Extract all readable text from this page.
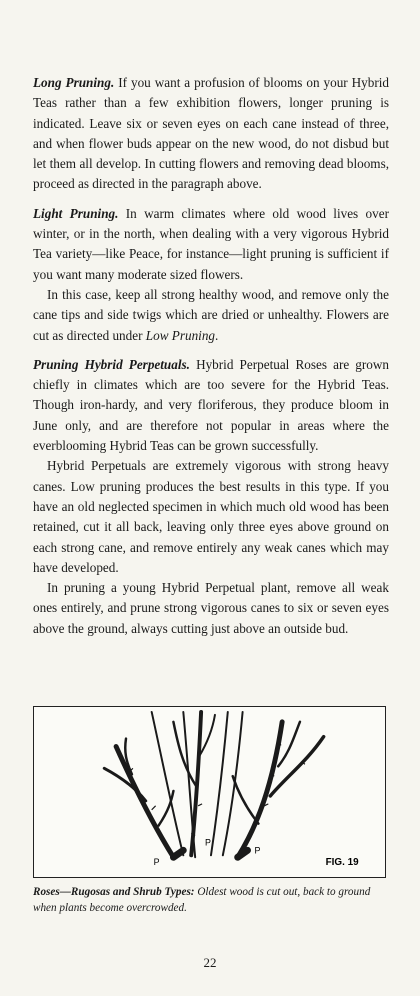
Long Pruning. If you want a profusion of blooms on your Hybrid Teas rather than a few exhibition flowers, longer pruning is indicated. Leave six or seven eyes on each cane instead of three, and when flower buds appear on the new wood, do not disbud but let them all develop. In cutting flowers and removing dead blooms, proceed as directed in the paragraph above.

Light Pruning. In warm climates where old wood lives over winter, or in the north, when dealing with a very vigorous Hybrid Tea variety—like Peace, for instance—light pruning is sufficient if you want many moderate sized flowers.

In this case, keep all strong healthy wood, and remove only the cane tips and side twigs which are dried or unhealthy. Flowers are cut as directed under Low Pruning.

Pruning Hybrid Perpetuals. Hybrid Perpetual Roses are grown chiefly in climates which are too severe for the Hybrid Teas. Though iron-hardy, and very floriferous, they produce bloom in June only, and are therefore not popular in areas where the everblooming Hybrid Teas can be grown successfully.

Hybrid Perpetuals are extremely vigorous with strong heavy canes. Low pruning produces the best results in this type. If you have an old neglected specimen in which much old wood has been retained, cut it all back, leaving only three eyes above ground on each strong cane, and remove entirely any weak canes which may have developed.

In pruning a young Hybrid Perpetual plant, remove all weak ones entirely, and prune strong vigorous canes to six or seven eyes above the ground, always cutting just above an outside bud.

P
P
P
FIG. 19
Roses—Rugosas and Shrub Types: Oldest wood is cut out, back to ground when plants become overcrowded.
22
